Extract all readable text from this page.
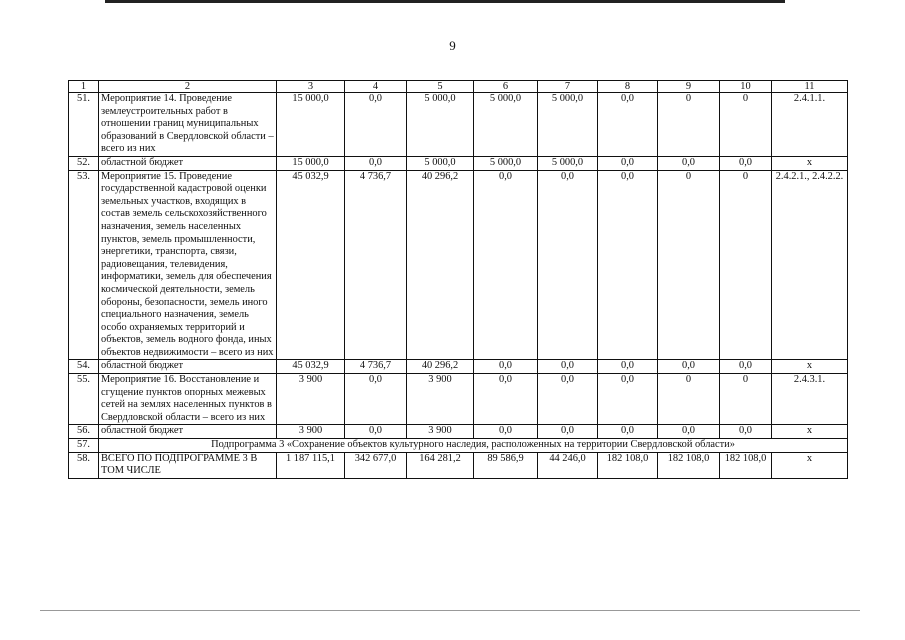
9
1	2	3	4	5	6	7	8	9	10	11
51.	Мероприятие 14. Проведение землеустроительных работ в отношении границ муниципальных образований в Свердловской области – всего из них	15 000,0	0,0	5 000,0	5 000,0	5 000,0	0,0	0	0	2.4.1.1.
52.	областной бюджет	15 000,0	0,0	5 000,0	5 000,0	5 000,0	0,0	0,0	0,0	х
53.	Мероприятие 15. Проведение государственной кадастровой оценки земельных участков, входящих в состав земель сельскохозяйственного назначения, земель населенных пунктов, земель промышленности, энергетики, транспорта, связи, радиовещания, телевидения, информатики, земель для обеспечения космической деятельности, земель обороны, безопасности, земель иного специального назначения, земель особо охраняемых территорий и объектов, земель водного фонда, иных объектов недвижимости – всего из них	45 032,9	4 736,7	40 296,2	0,0	0,0	0,0	0	0	2.4.2.1., 2.4.2.2.
54.	областной бюджет	45 032,9	4 736,7	40 296,2	0,0	0,0	0,0	0,0	0,0	х
55.	Мероприятие 16. Восстановление и сгущение пунктов опорных межевых сетей на землях населенных пунктов в Свердловской области – всего из них	3 900	0,0	3 900	0,0	0,0	0,0	0	0	2.4.3.1.
56.	областной бюджет	3 900	0,0	3 900	0,0	0,0	0,0	0,0	0,0	х
57.	Подпрограмма 3 «Сохранение объектов культурного наследия, расположенных на территории Свердловской области»									
58.	ВСЕГО ПО ПОДПРОГРАММЕ 3 В ТОМ ЧИСЛЕ	1 187 115,1	342 677,0	164 281,2	89 586,9	44 246,0	182 108,0	182 108,0	182 108,0	х
